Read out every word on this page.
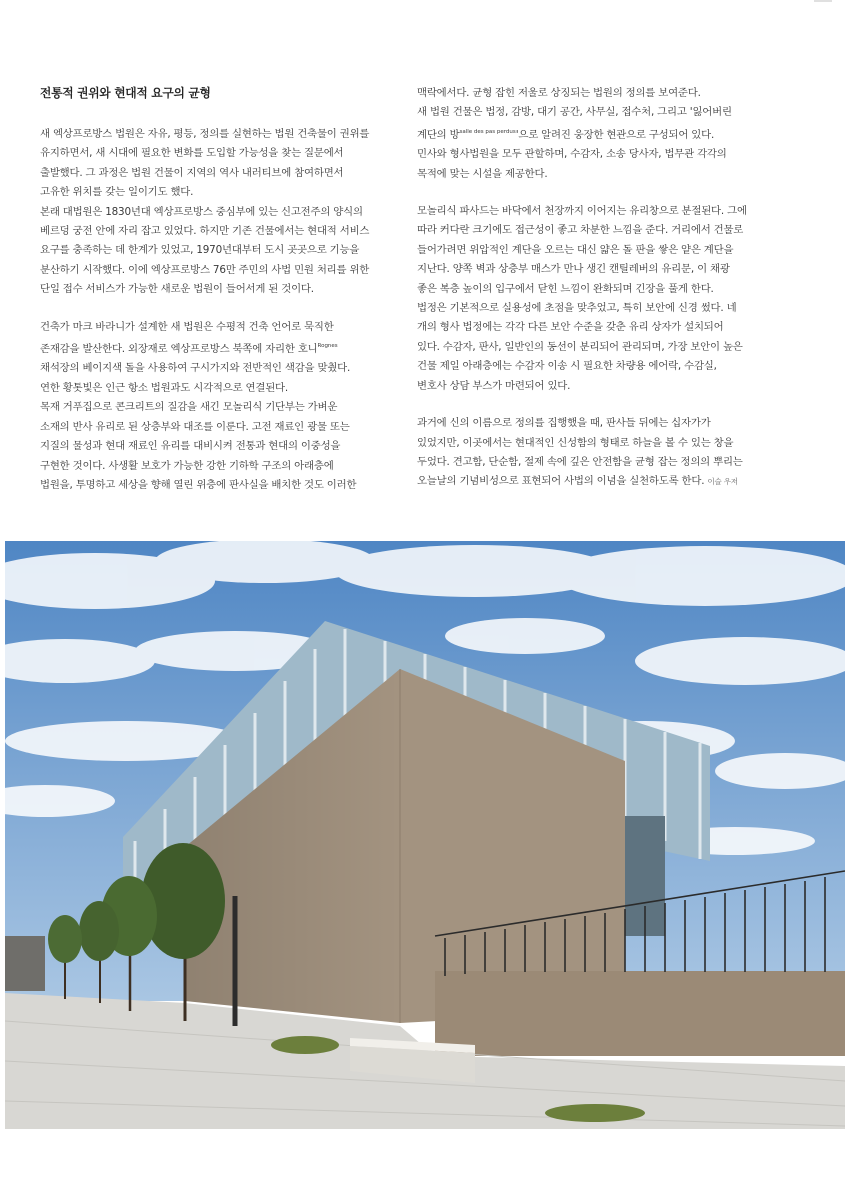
전통적 권위와 현대적 요구의 균형
새 엑상프로방스 법원은 자유, 평등, 정의를 실현하는 법원 건축물이 권위를
유지하면서, 새 시대에 필요한 변화를 도입할 가능성을 찾는 질문에서
출발했다. 그 과정은 법원 건물이 지역의 역사 내러티브에 참여하면서
고유한 위치를 갖는 일이기도 했다.
본래 대법원은 1830년대 엑상프로방스 중심부에 있는 신고전주의 양식의
베르덩 궁전 안에 자리 잡고 있었다. 하지만 기존 건물에서는 현대적 서비스
요구를 충족하는 데 한계가 있었고, 1970년대부터 도시 곳곳으로 기능을
분산하기 시작했다. 이에 엑상프로방스 76만 주민의 사법 민원 처리를 위한
단일 접수 서비스가 가능한 새로운 법원이 들어서게 된 것이다.
건축가 마크 바라니가 설계한 새 법원은 수평적 건축 언어로 묵직한
존재감을 발산한다. 외장재로 엑상프로방스 북쪽에 자리한 호니$^{Rognes}$
채석장의 베이지색 돌을 사용하여 구시가지와 전반적인 색감을 맞췄다.
연한 황톳빛은 인근 항소 법원과도 시각적으로 연결된다.
목재 거푸집으로 콘크리트의 질감을 새긴 모놀리식 기단부는 가벼운
소재의 반사 유리로 된 상층부와 대조를 이룬다. 고전 재료인 광물 또는
지질의 물성과 현대 재료인 유리를 대비시켜 전통과 현대의 이중성을
구현한 것이다. 사생활 보호가 가능한 강한 기하학 구조의 아래층에
법원을, 투명하고 세상을 향해 열린 위층에 판사실을 배치한 것도 이러한
맥락에서다. 균형 잡힌 저울로 상징되는 법원의 정의를 보여준다.
새 법원 건물은 법정, 감방, 대기 공간, 사무실, 접수처, 그리고 '잃어버린
계단의 방$^{salle des pas perdus}$'으로 알려진 웅장한 현관으로 구성되어 있다.
민사와 형사법원을 모두 관할하며, 수감자, 소송 당사자, 법무관 각각의
목적에 맞는 시설을 제공한다.
모놀리식 파사드는 바닥에서 천장까지 이어지는 유리창으로 분절된다. 그에
따라 커다란 크기에도 접근성이 좋고 차분한 느낌을 준다. 거리에서 건물로
들어가려면 위압적인 계단을 오르는 대신 얇은 돌 판을 쌓은 얕은 계단을
지난다. 양쪽 벽과 상층부 매스가 만나 생긴 캔틸레버의 유리문, 이 채광
좋은 복층 높이의 입구에서 닫힌 느낌이 완화되며 긴장을 풀게 한다.
법정은 기본적으로 실용성에 초점을 맞추었고, 특히 보안에 신경 썼다. 네
개의 형사 법정에는 각각 다른 보안 수준을 갖춘 유리 상자가 설치되어
있다. 수감자, 판사, 일반인의 동선이 분리되어 관리되며, 가장 보안이 높은
건물 제일 아래층에는 수감자 이송 시 필요한 차량용 에어락, 수감실,
변호사 상담 부스가 마련되어 있다.
과거에 신의 이름으로 정의를 집행했을 때, 판사들 뒤에는 십자가가
있었지만, 이곳에서는 현대적인 신성함의 형태로 하늘을 볼 수 있는 창을
두었다. 견고함, 단순함, 절제 속에 깊은 안전함을 균형 잡는 정의의 뿌리는
오늘날의 기념비성으로 표현되어 사법의 이념을 실천하도록 한다. 이슬 우저
